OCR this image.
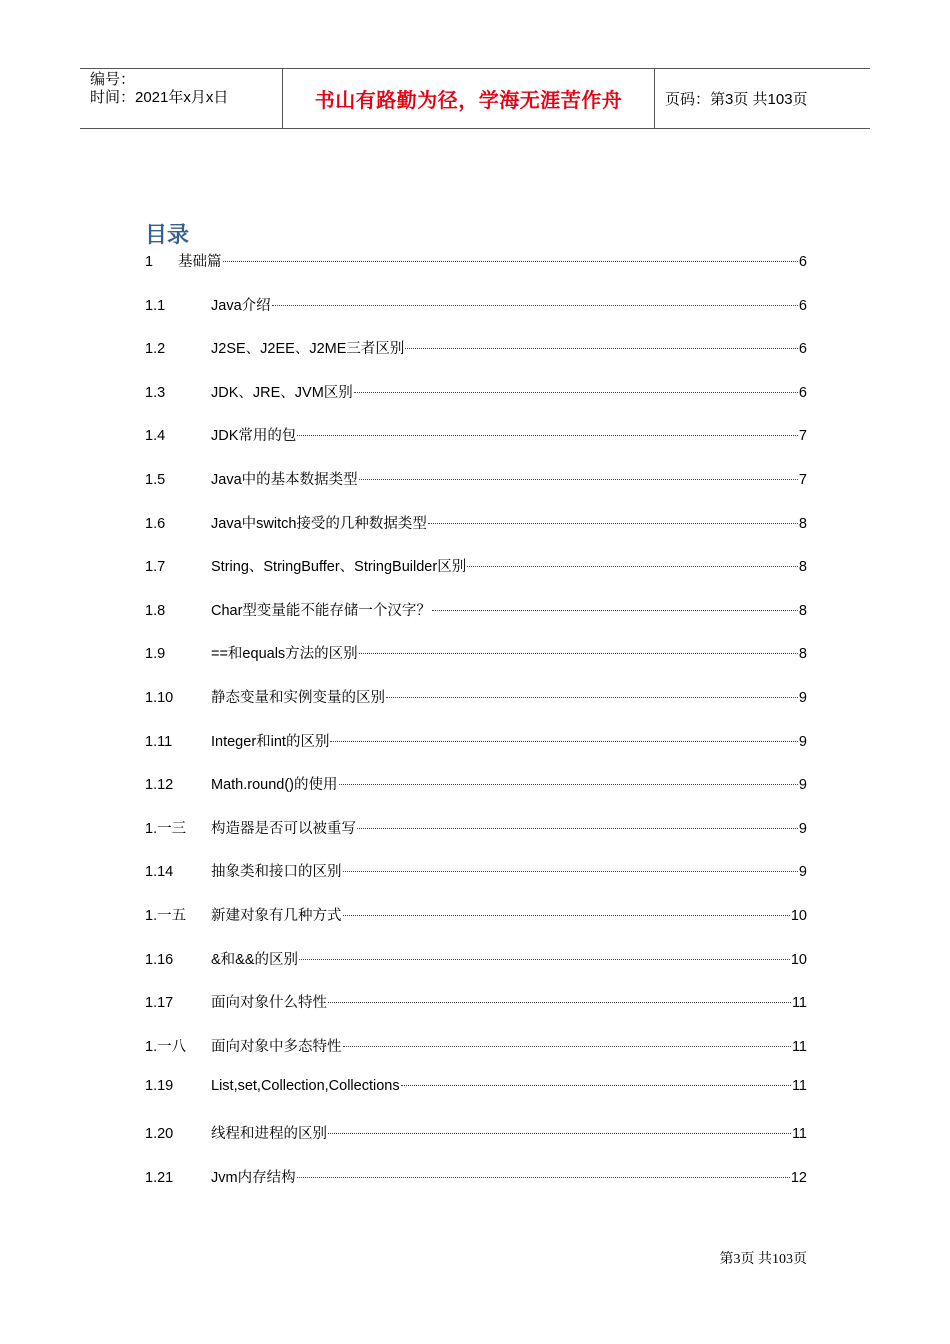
编号：
时间：2021年x月x日	书山有路勤为径，学海无涯苦作舟	页码：第3页 共103页
目录
1	基础篇	6
1.1	Java介绍	6
1.2	J2SE、J2EE、J2ME三者区别	6
1.3	JDK、JRE、JVM区别	6
1.4	JDK常用的包	7
1.5	Java中的基本数据类型	7
1.6	Java中switch接受的几种数据类型	8
1.7	String、StringBuffer、StringBuilder区别	8
1.8	Char型变量能不能存储一个汉字？	8
1.9	==和equals方法的区别	8
1.10	静态变量和实例变量的区别	9
1.11	Integer和int的区别	9
1.12	Math.round()的使用	9
1.一三	构造器是否可以被重写	9
1.14	抽象类和接口的区别	9
1.一五	新建对象有几种方式	10
1.16	&和&&的区别	10
1.17	面向对象什么特性	11
1.一八	面向对象中多态特性	11
1.19	List,set,Collection,Collections	11
1.20	线程和进程的区别	11
1.21	Jvm内存结构	12
第3页 共103页
